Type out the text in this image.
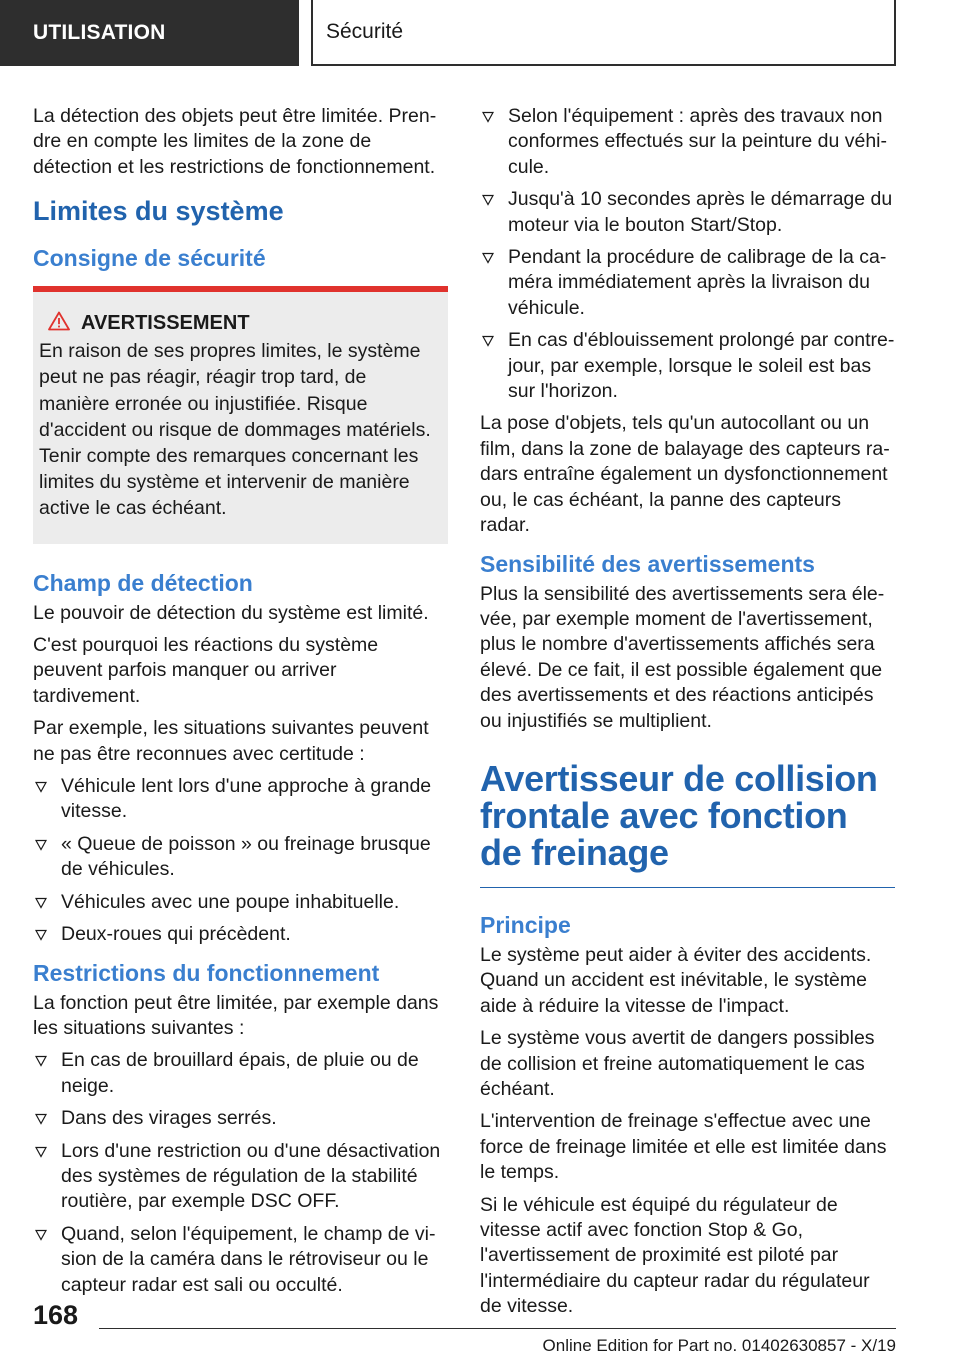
UTILISATION	Sécurité

La détection des objets peut être limitée. Prendre en compte les limites de la zone de détection et les restrictions de fonctionnement.

Limites du système
Consigne de sécurité
AVERTISSEMENT
En raison de ses propres limites, le système peut ne pas réagir, réagir trop tard, de manière erronée ou injustifiée. Risque d'accident ou risque de dommages matériels. Tenir compte des remarques concernant les limites du système et intervenir de manière active le cas échéant.
Champ de détection

Le pouvoir de détection du système est limité.

C'est pourquoi les réactions du système peuvent parfois manquer ou arriver tardivement.

Par exemple, les situations suivantes peuvent ne pas être reconnues avec certitude :

Véhicule lent lors d'une approche à grande vitesse.
« Queue de poisson » ou freinage brusque de véhicules.
Véhicules avec une poupe inhabituelle.
Deux-roues qui précèdent.
Restrictions du fonctionnement

La fonction peut être limitée, par exemple dans les situations suivantes :

En cas de brouillard épais, de pluie ou de neige.
Dans des virages serrés.
Lors d'une restriction ou d'une désactivation des systèmes de régulation de la stabilité routière, par exemple DSC OFF.
Quand, selon l'équipement, le champ de vision de la caméra dans le rétroviseur ou le capteur radar est sali ou occulté.
Selon l'équipement : après des travaux non conformes effectués sur la peinture du véhicule.
Jusqu'à 10 secondes après le démarrage du moteur via le bouton Start/Stop.
Pendant la procédure de calibrage de la caméra immédiatement après la livraison du véhicule.
En cas d'éblouissement prolongé par contre-jour, par exemple, lorsque le soleil est bas sur l'horizon.

La pose d'objets, tels qu'un autocollant ou un film, dans la zone de balayage des capteurs radars entraîne également un dysfonctionnement ou, le cas échéant, la panne des capteurs radar.

Sensibilité des avertissements

Plus la sensibilité des avertissements sera élevée, par exemple moment de l'avertissement, plus le nombre d'avertissements affichés sera élevé. De ce fait, il est possible également que des avertissements et des réactions anticipés ou injustifiés se multiplient.

Avertisseur de collision frontale avec fonction de freinage
Principe

Le système peut aider à éviter des accidents. Quand un accident est inévitable, le système aide à réduire la vitesse de l'impact.

Le système vous avertit de dangers possibles de collision et freine automatiquement le cas échéant.

L'intervention de freinage s'effectue avec une force de freinage limitée et elle est limitée dans le temps.

Si le véhicule est équipé du régulateur de vitesse actif avec fonction Stop & Go, l'avertissement de proximité est piloté par l'intermédiaire du capteur radar du régulateur de vitesse.

168
Online Edition for Part no. 01402630857 - X/19
